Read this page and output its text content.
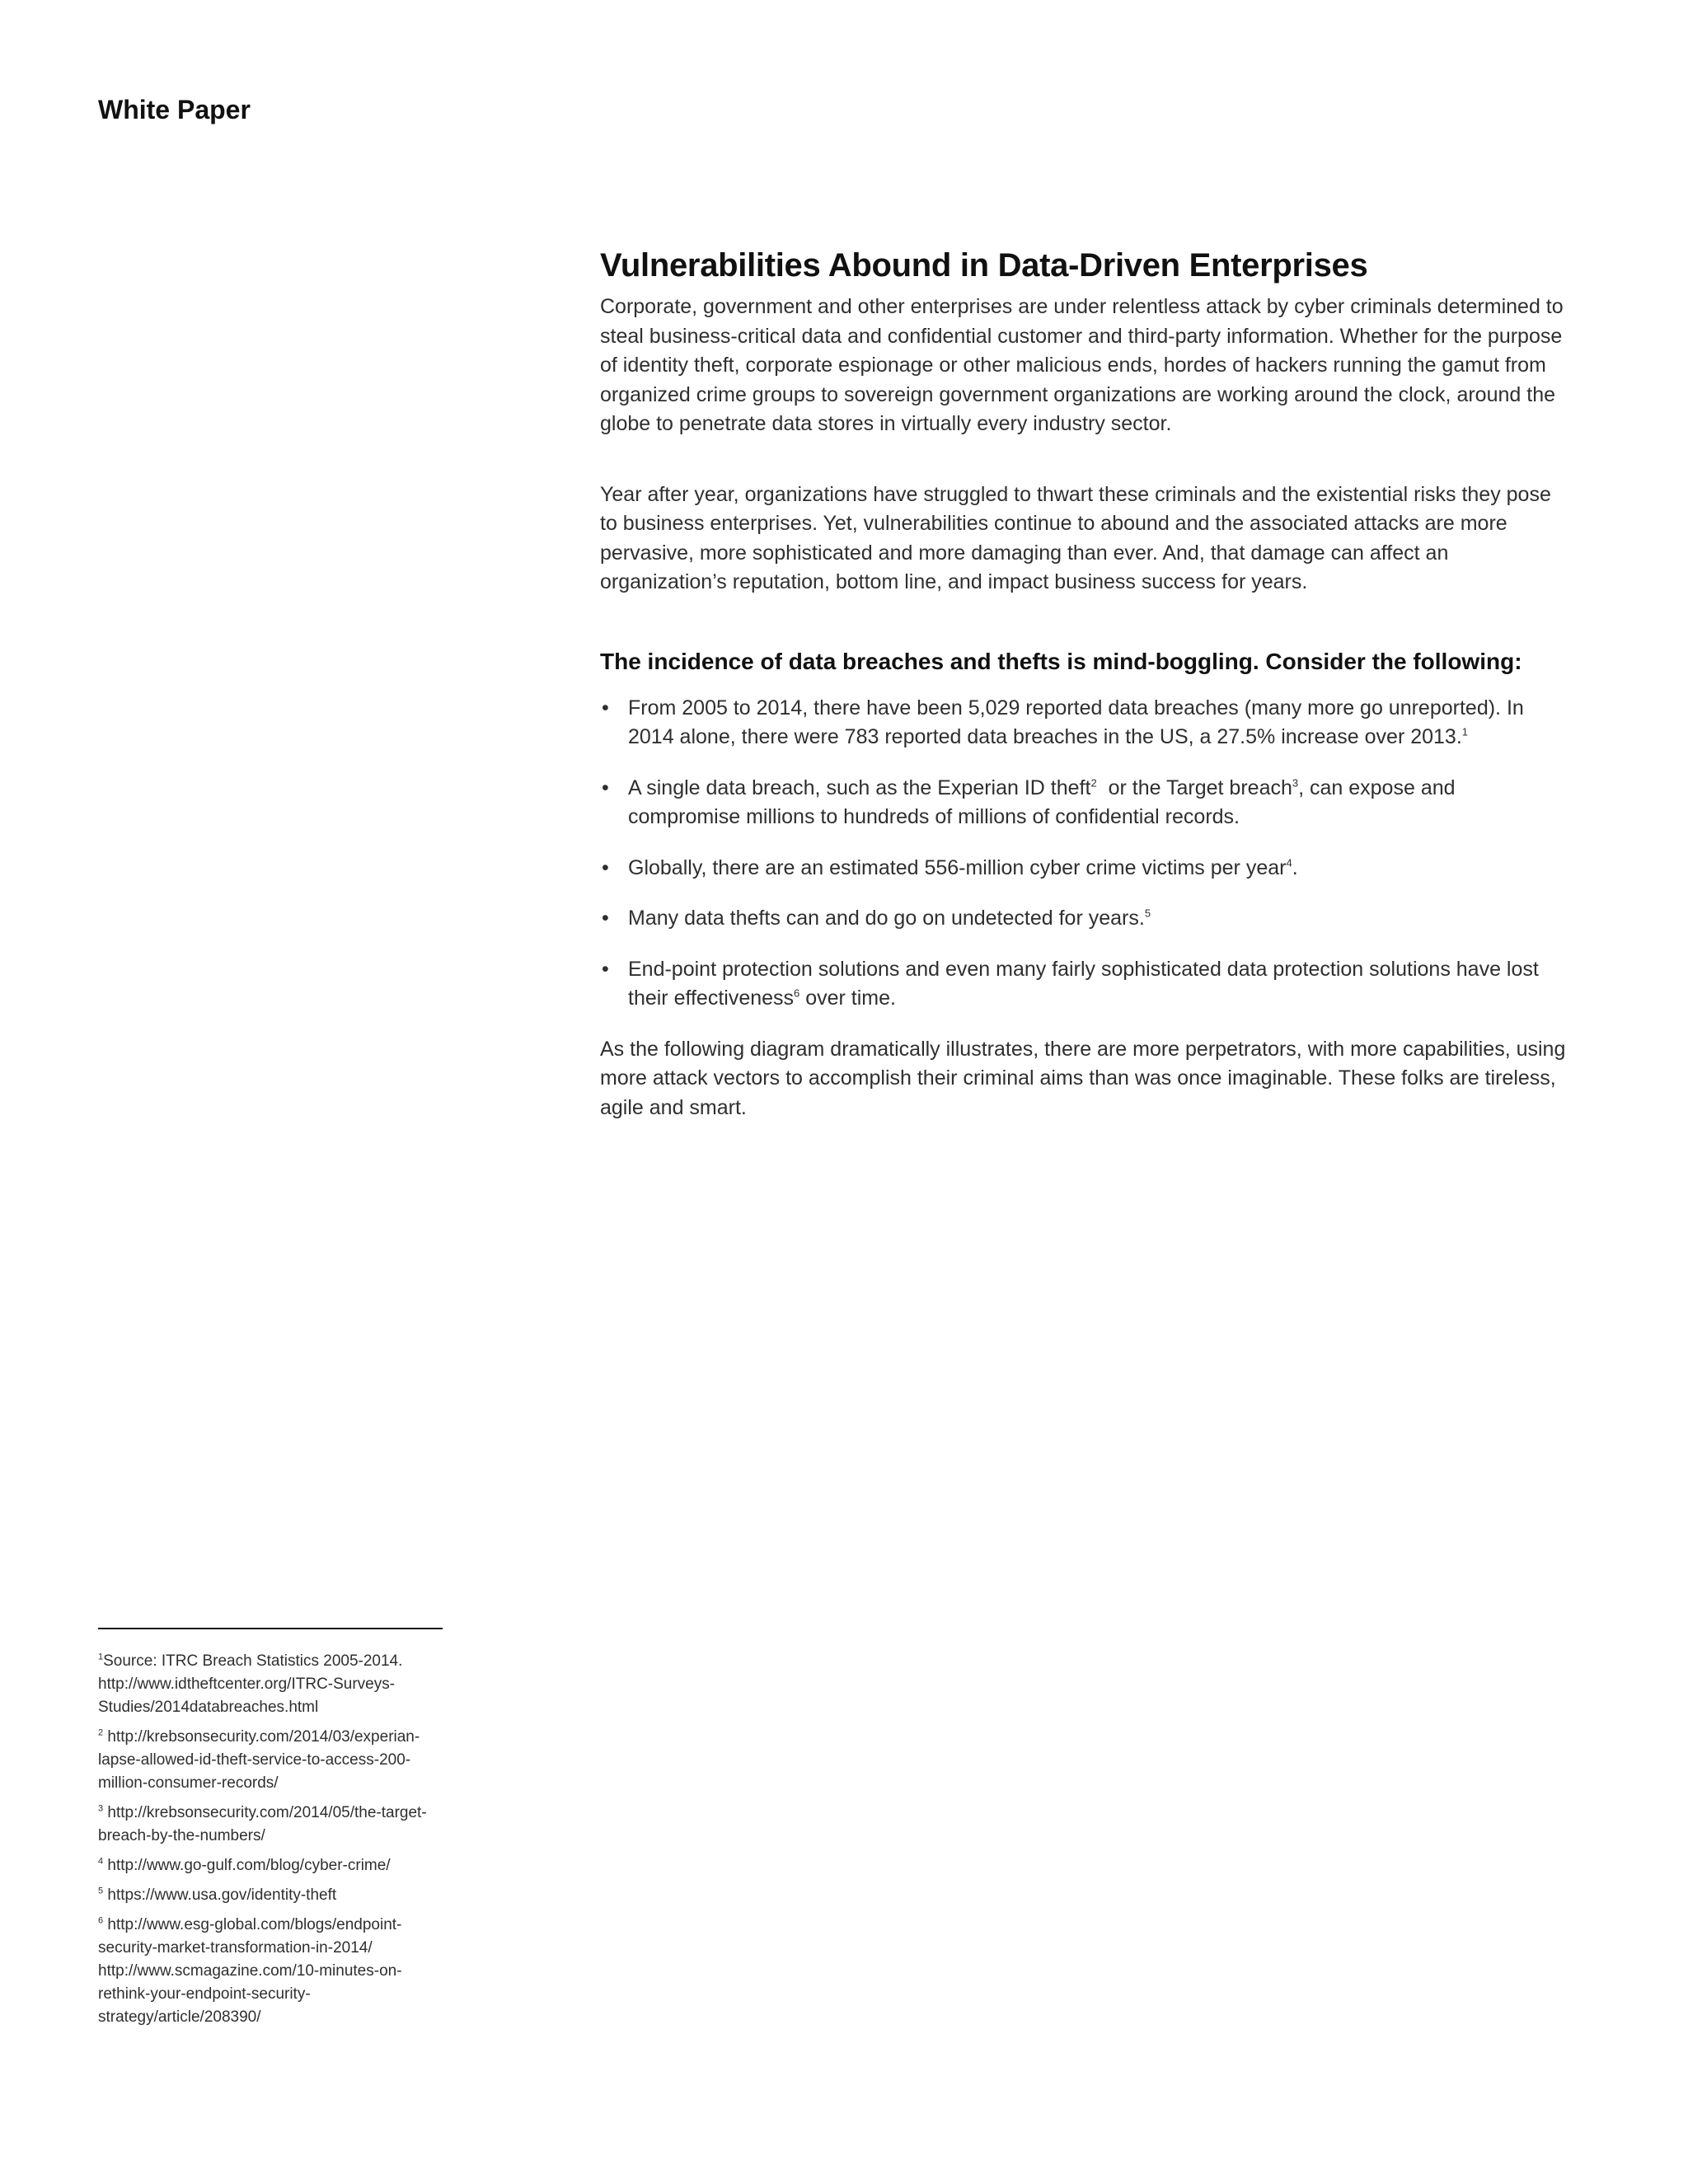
White Paper
Vulnerabilities Abound in Data-Driven Enterprises

Corporate, government and other enterprises are under relentless attack by cyber criminals determined to steal business-critical data and confidential customer and third-party information. Whether for the purpose of identity theft, corporate espionage or other malicious ends, hordes of hackers running the gamut from organized crime groups to sovereign government organizations are working around the clock, around the globe to penetrate data stores in virtually every industry sector.

Year after year, organizations have struggled to thwart these criminals and the existential risks they pose to business enterprises. Yet, vulnerabilities continue to abound and the associated attacks are more pervasive, more sophisticated and more damaging than ever. And, that damage can affect an organization’s reputation, bottom line, and impact business success for years.

The incidence of data breaches and thefts is mind-boggling. Consider the following:
• From 2005 to 2014, there have been 5,029 reported data breaches (many more go unreported). In 2014 alone, there were 783 reported data breaches in the US, a 27.5% increase over 2013.$^1$
• A single data breach, such as the Experian ID theft$^2$  or the Target breach$^3$, can expose and compromise millions to hundreds of millions of confidential records.
• Globally, there are an estimated 556-million cyber crime victims per year$^4$.
• Many data thefts can and do go on undetected for years.$^5$
• End-point protection solutions and even many fairly sophisticated data protection solutions have lost their effectiveness$^6$ over time.

As the following diagram dramatically illustrates, there are more perpetrators, with more capabilities, using more attack vectors to accomplish their criminal aims than was once imaginable. These folks are tireless, agile and smart.

$^1$Source: ITRC Breach Statistics 2005-2014. http://www.idtheftcenter.org/ITRC-Surveys-Studies/2014databreaches.html
$^2$ http://krebsonsecurity.com/2014/03/experian-lapse-allowed-id-theft-service-to-access-200-million-consumer-records/
$^3$ http://krebsonsecurity.com/2014/05/the-target-breach-by-the-numbers/
$^4$ http://www.go-gulf.com/blog/cyber-crime/
$^5$ https://www.usa.gov/identity-theft
$^6$ http://www.esg-global.com/blogs/endpoint-security-market-transformation-in-2014/ http://www.scmagazine.com/10-minutes-on-rethink-your-endpoint-security-strategy/article/208390/
